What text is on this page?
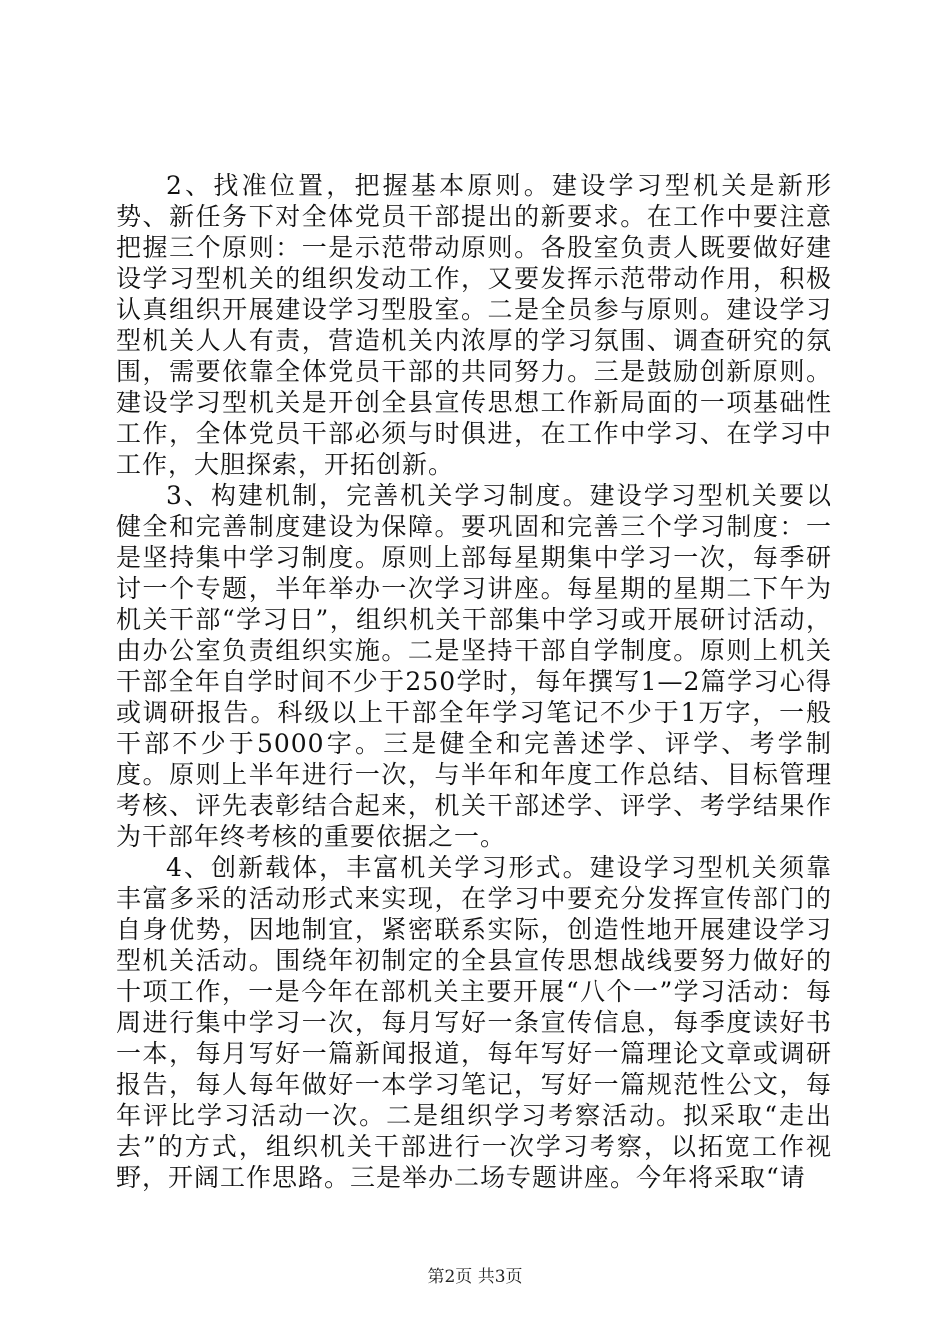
2、找准位置，把握基本原则。建设学习型机关是新形势、新任务下对全体党员干部提出的新要求。在工作中要注意把握三个原则：一是示范带动原则。各股室负责人既要做好建设学习型机关的组织发动工作，又要发挥示范带动作用，积极认真组织开展建设学习型股室。二是全员参与原则。建设学习型机关人人有责，营造机关内浓厚的学习氛围、调查研究的氛围，需要依靠全体党员干部的共同努力。三是鼓励创新原则。建设学习型机关是开创全县宣传思想工作新局面的一项基础性工作，全体党员干部必须与时俱进，在工作中学习、在学习中工作，大胆探索，开拓创新。

3、构建机制，完善机关学习制度。建设学习型机关要以健全和完善制度建设为保障。要巩固和完善三个学习制度：一是坚持集中学习制度。原则上部每星期集中学习一次，每季研讨一个专题，半年举办一次学习讲座。每星期的星期二下午为机关干部“学习日”，组织机关干部集中学习或开展研讨活动，由办公室负责组织实施。二是坚持干部自学制度。原则上机关干部全年自学时间不少于250学时，每年撰写1—2篇学习心得或调研报告。科级以上干部全年学习笔记不少于1万字，一般干部不少于5000字。三是健全和完善述学、评学、考学制度。原则上半年进行一次，与半年和年度工作总结、目标管理考核、评先表彰结合起来，机关干部述学、评学、考学结果作为干部年终考核的重要依据之一。

4、创新载体，丰富机关学习形式。建设学习型机关须靠丰富多采的活动形式来实现，在学习中要充分发挥宣传部门的自身优势，因地制宜，紧密联系实际，创造性地开展建设学习型机关活动。围绕年初制定的全县宣传思想战线要努力做好的十项工作，一是今年在部机关主要开展“八个一”学习活动：每周进行集中学习一次，每月写好一条宣传信息，每季度读好书一本，每月写好一篇新闻报道，每年写好一篇理论文章或调研报告，每人每年做好一本学习笔记，写好一篇规范性公文，每年评比学习活动一次。二是组织学习考察活动。拟采取“走出去”的方式，组织机关干部进行一次学习考察，以拓宽工作视野，开阔工作思路。三是举办二场专题讲座。今年将采取“请

第2页 共3页
